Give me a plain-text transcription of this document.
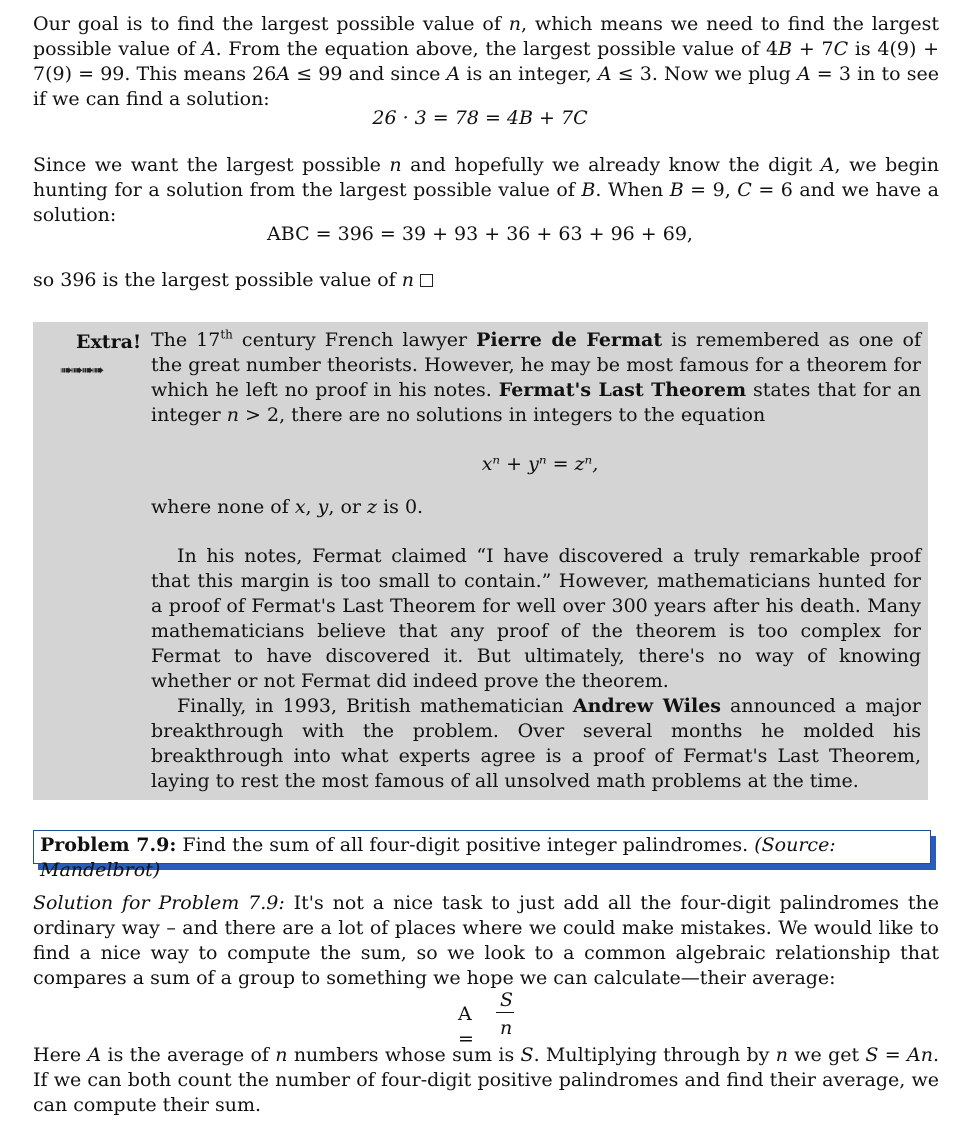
Our goal is to find the largest possible value of n, which means we need to find the largest possible value of A. From the equation above, the largest possible value of 4B + 7C is 4(9) + 7(9) = 99. This means 26A ≤ 99 and since A is an integer, A ≤ 3. Now we plug A = 3 in to see if we can find a solution:
26 · 3 = 78 = 4B + 7C
Since we want the largest possible n and hopefully we already know the digit A, we begin hunting for a solution from the largest possible value of B. When B = 9, C = 6 and we have a solution:
ABC = 396 = 39 + 93 + 36 + 63 + 96 + 69,
so 396 is the largest possible value of n
Extra!
➠➠➠➠
The 17th century French lawyer Pierre de Fermat is remembered as one of the great number theorists. However, he may be most famous for a theorem for which he left no proof in his notes. Fermat's Last Theorem states that for an integer n > 2, there are no solutions in integers to the equation
xⁿ + yⁿ = zⁿ,
where none of x, y, or z is 0.
In his notes, Fermat claimed “I have discovered a truly remarkable proof that this margin is too small to contain.” However, mathematicians hunted for a proof of Fermat's Last Theorem for well over 300 years after his death. Many mathematicians believe that any proof of the theorem is too complex for Fermat to have discovered it. But ultimately, there's no way of knowing whether or not Fermat did indeed prove the theorem.
Finally, in 1993, British mathematician Andrew Wiles announced a major breakthrough with the problem. Over several months he molded his breakthrough into what experts agree is a proof of Fermat's Last Theorem, laying to rest the most famous of all unsolved math problems at the time.
Problem 7.9: Find the sum of all four-digit positive integer palindromes. (Source: Mandelbrot)
Solution for Problem 7.9: It's not a nice task to just add all the four-digit palindromes the ordinary way – and there are a lot of places where we could make mistakes. We would like to find a nice way to compute the sum, so we look to a common algebraic relationship that compares a sum of a group to something we hope we can calculate—their average:
A =
S
n
Here A is the average of n numbers whose sum is S. Multiplying through by n we get S = An. If we can both count the number of four-digit positive palindromes and find their average, we can compute their sum.
